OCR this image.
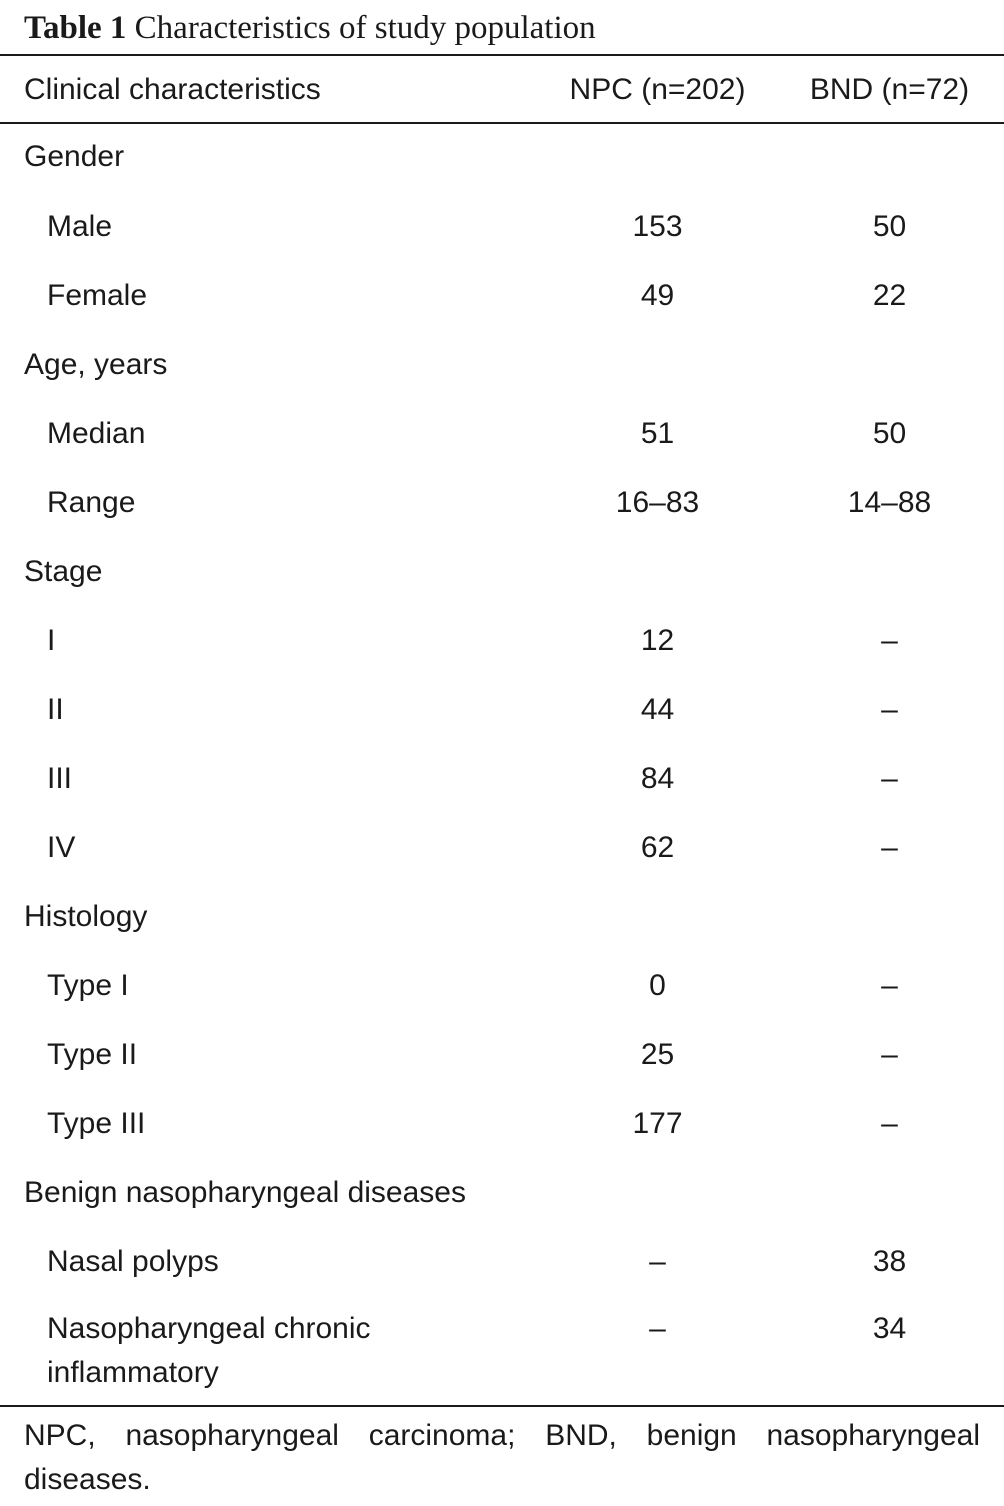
Table 1 Characteristics of study population
Clinical characteristics	NPC (n=202)	BND (n=72)
Gender		
Male	153	50
Female	49	22
Age, years		
Median	51	50
Range	16–83	14–88
Stage		
I	12	–
II	44	–
III	84	–
IV	62	–
Histology		
Type I	0	–
Type II	25	–
Type III	177	–
Benign nasopharyngeal diseases		
Nasal polyps	–	38
Nasopharyngeal chronic inflammatory	–	34

NPC, nasopharyngeal carcinoma; BND, benign nasopharyngeal diseases.
